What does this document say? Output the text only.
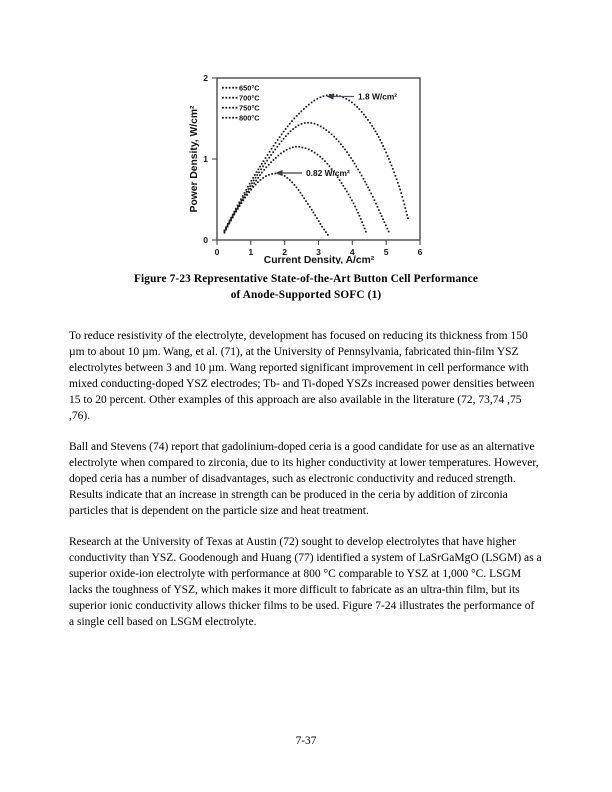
0	1	2	3	4	5	6
0
1
2
Current Density, A/cm²
Power Density, W/cm²
650°C
700°C
750°C
800°C
1.8 W/cm²
0.82 W/cm²
Figure 7-23 Representative State-of-the-Art Button Cell Performance
of Anode-Supported SOFC (1)

To reduce resistivity of the electrolyte, development has focused on reducing its thickness from 150 µm to about 10 µm. Wang, et al. (71), at the University of Pennsylvania, fabricated thin-film YSZ electrolytes between 3 and 10 µm. Wang reported significant improvement in cell performance with mixed conducting-doped YSZ electrodes; Tb- and Ti-doped YSZs increased power densities between 15 to 20 percent. Other examples of this approach are also available in the literature (72, 73,74 ,75 ,76).

Ball and Stevens (74) report that gadolinium-doped ceria is a good candidate for use as an alternative electrolyte when compared to zirconia, due to its higher conductivity at lower temperatures. However, doped ceria has a number of disadvantages, such as electronic conductivity and reduced strength. Results indicate that an increase in strength can be produced in the ceria by addition of zirconia particles that is dependent on the particle size and heat treatment.

Research at the University of Texas at Austin (72) sought to develop electrolytes that have higher conductivity than YSZ. Goodenough and Huang (77) identified a system of LaSrGaMgO (LSGM) as a superior oxide-ion electrolyte with performance at 800 °C comparable to YSZ at 1,000 °C. LSGM lacks the toughness of YSZ, which makes it more difficult to fabricate as an ultra-thin film, but its superior ionic conductivity allows thicker films to be used. Figure 7-24 illustrates the performance of a single cell based on LSGM electrolyte.

7-37
